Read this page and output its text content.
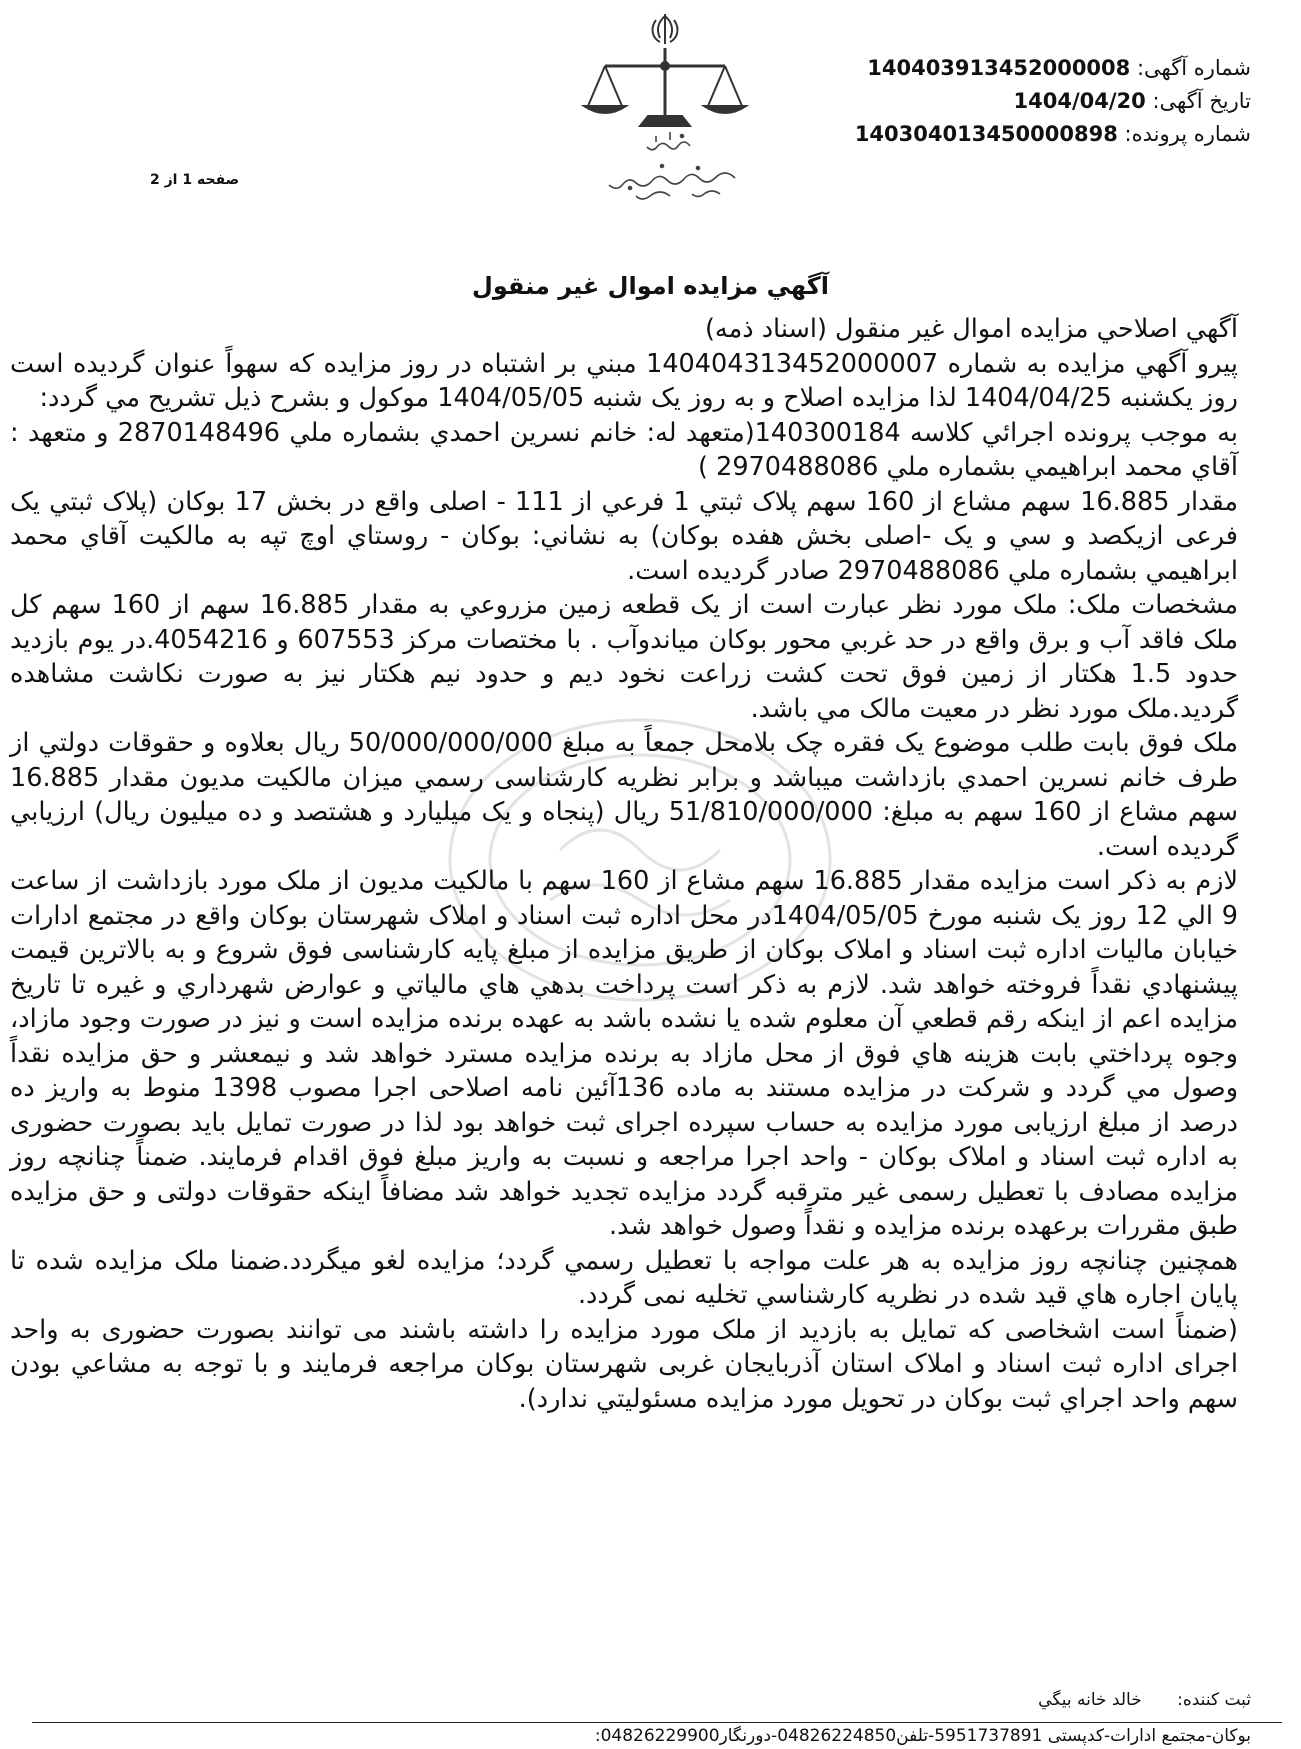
شماره آگهی: 140403913452000008
تاریخ آگهی: 1404/04/20
شماره پرونده: 140304013450000898
صفحه 1 از 2
آگهي مزايده اموال غير منقول

آگهي اصلاحي مزايده اموال غير منقول (اسناد ذمه)

پيرو آگهي مزايده به شماره 140404313452000007 مبني بر اشتباه در روز مزايده كه سهواً عنوان گرديده است روز يكشنبه 1404/04/25 لذا مزايده اصلاح و به روز یک شنبه 1404/05/05 موكول و بشرح ذيل تشريح مي گردد:

به موجب پرونده اجرائي كلاسه 140300184(متعهد له: خانم نسرين احمدي بشماره ملي 2870148496 و متعهد : آقاي محمد ابراهيمي بشماره ملي 2970488086 )

مقدار 16.885 سهم مشاع از 160 سهم پلاک ثبتي 1 فرعي از 111 - اصلی واقع در بخش 17 بوكان (پلاک ثبتي یک فرعی ازیکصد و سي و یک -اصلی بخش هفده بوکان) به نشاني: بوكان - روستاي اوچ تپه به مالكيت آقاي محمد ابراهيمي بشماره ملي 2970488086 صادر گرديده است.

مشخصات ملک: ملک مورد نظر عبارت است از یک قطعه زمين مزروعي به مقدار 16.885 سهم از 160 سهم كل ملک فاقد آب و برق واقع در حد غربي محور بوكان مياندوآب . با مختصات مركز 607553 و 4054216.در يوم بازديد حدود 1.5 هكتار از زمين فوق تحت كشت زراعت نخود ديم و حدود نيم هكتار نيز به صورت نكاشت مشاهده گرديد.ملک مورد نظر در معيت مالک مي باشد.

ملک فوق بابت طلب موضوع یک فقره چک بلامحل جمعاً به مبلغ 50/000/000/000 ريال بعلاوه و حقوقات دولتي از طرف خانم نسرين احمدي بازداشت ميباشد و برابر نظريه كارشناسی رسمي ميزان مالكيت مديون مقدار 16.885 سهم مشاع از 160 سهم به مبلغ: 51/810/000/000 ريال (پنجاه و یک ميليارد و هشتصد و ده ميليون ريال) ارزيابي گرديده است.

لازم به ذكر است مزايده مقدار 16.885 سهم مشاع از 160 سهم با مالكيت مديون از ملک مورد بازداشت از ساعت 9 الي 12 روز یک شنبه مورخ 1404/05/05در محل اداره ثبت اسناد و املاک شهرستان بوكان واقع در مجتمع ادارات خيابان ماليات اداره ثبت اسناد و املاک بوكان از طريق مزايده از مبلغ پايه كارشناسی فوق شروع و به بالاترين قيمت پيشنهادي نقداً فروخته خواهد شد. لازم به ذكر است پرداخت بدهي هاي مالياتي و عوارض شهرداري و غيره تا تاريخ مزايده اعم از اينكه رقم قطعي آن معلوم شده يا نشده باشد به عهده برنده مزايده است و نيز در صورت وجود مازاد، وجوه پرداختي بابت هزينه هاي فوق از محل مازاد به برنده مزايده مسترد خواهد شد و نيمعشر و حق مزايده نقداً وصول مي گردد و شركت در مزايده مستند به ماده 136آئين نامه اصلاحی اجرا مصوب 1398 منوط به واريز ده درصد از مبلغ ارزيابی مورد مزايده به حساب سپرده اجرای ثبت خواهد بود لذا در صورت تمايل بايد بصورت حضوری به اداره ثبت اسناد و املاک بوكان - واحد اجرا مراجعه و نسبت به واريز مبلغ فوق اقدام فرمايند. ضمناً چنانچه روز مزايده مصادف با تعطيل رسمی غير مترقبه گردد مزايده تجديد خواهد شد مضافاً اينكه حقوقات دولتی و حق مزايده طبق مقررات برعهده برنده مزايده و نقداً وصول خواهد شد.

همچنين چنانچه روز مزايده به هر علت مواجه با تعطيل رسمي گردد؛ مزايده لغو ميگردد.ضمنا ملک مزايده شده تا پايان اجاره هاي قيد شده در نظريه كارشناسي تخليه نمی گردد.

(ضمناً است اشخاصی كه تمايل به بازديد از ملک مورد مزايده را داشته باشند می توانند بصورت حضوری به واحد اجرای اداره ثبت اسناد و املاک استان آذربايجان غربی شهرستان بوكان مراجعه فرمايند و با توجه به مشاعي بودن سهم واحد اجراي ثبت بوكان در تحويل مورد مزايده مسئوليتي ندارد).

ثبت كننده: خالد خانه بيگي
بوكان-مجتمع ادارات-كدپستی 5951737891-تلفن04826224850-دورنگار04826229900:
